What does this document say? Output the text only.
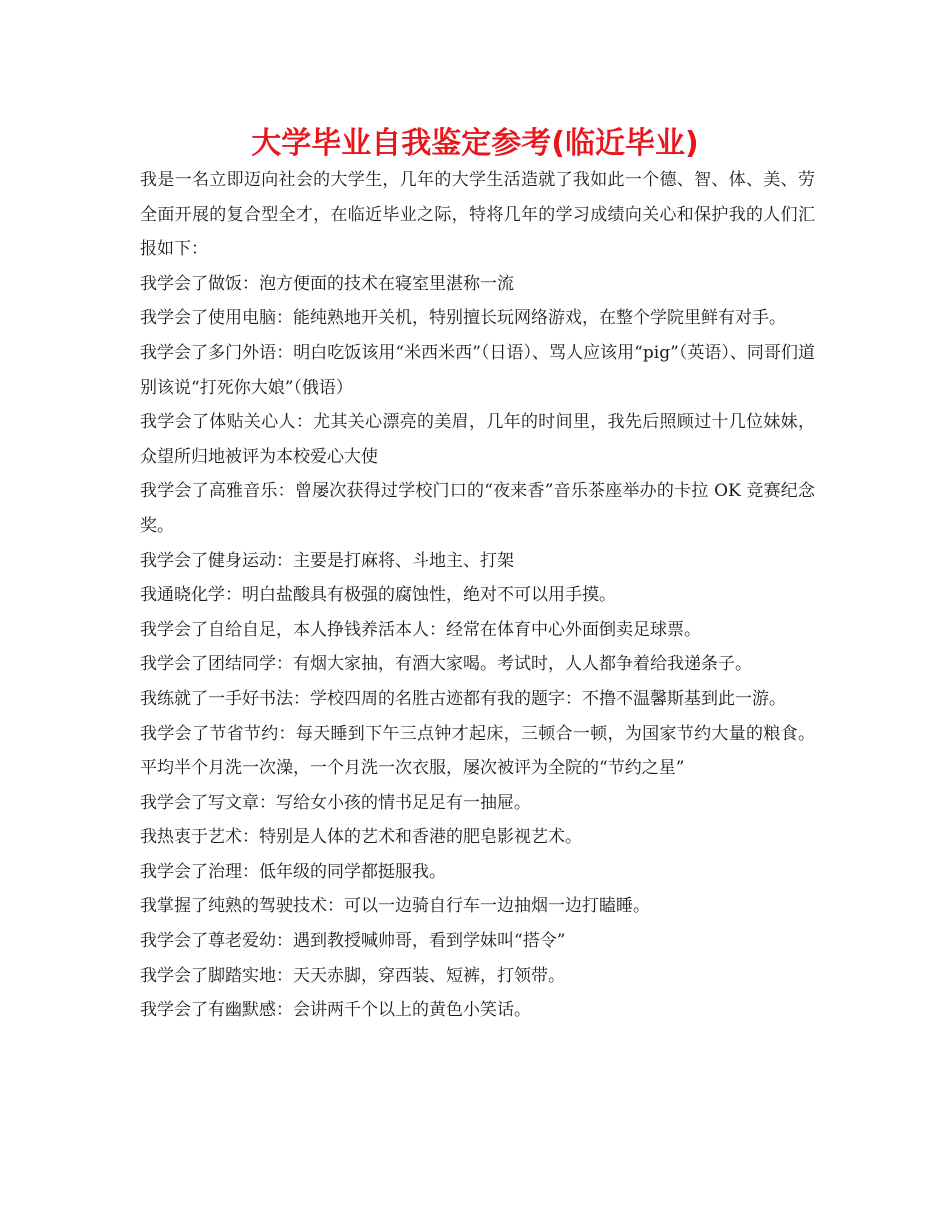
大学毕业自我鉴定参考(临近毕业)

我是一名立即迈向社会的大学生，几年的大学生活造就了我如此一个德、智、体、美、劳全面开展的复合型全才，在临近毕业之际，特将几年的学习成绩向关心和保护我的人们汇报如下：

我学会了做饭：泡方便面的技术在寝室里湛称一流

我学会了使用电脑：能纯熟地开关机，特别擅长玩网络游戏，在整个学院里鲜有对手。

我学会了多门外语：明白吃饭该用“米西米西”（日语）、骂人应该用“pig”（英语）、同哥们道别该说“打死你大娘”（俄语）

我学会了体贴关心人：尤其关心漂亮的美眉，几年的时间里，我先后照顾过十几位妹妹，众望所归地被评为本校爱心大使

我学会了高雅音乐：曾屡次获得过学校门口的“夜来香”音乐茶座举办的卡拉 OK 竞赛纪念奖。

我学会了健身运动：主要是打麻将、斗地主、打架

我通晓化学：明白盐酸具有极强的腐蚀性，绝对不可以用手摸。

我学会了自给自足，本人挣钱养活本人：经常在体育中心外面倒卖足球票。

我学会了团结同学：有烟大家抽，有酒大家喝。考试时，人人都争着给我递条子。

我练就了一手好书法：学校四周的名胜古迹都有我的题字：不撸不温馨斯基到此一游。

我学会了节省节约：每天睡到下午三点钟才起床，三顿合一顿，为国家节约大量的粮食。平均半个月洗一次澡，一个月洗一次衣服，屡次被评为全院的“节约之星”

我学会了写文章：写给女小孩的情书足足有一抽屉。

我热衷于艺术：特别是人体的艺术和香港的肥皂影视艺术。

我学会了治理：低年级的同学都挺服我。

我掌握了纯熟的驾驶技术：可以一边骑自行车一边抽烟一边打瞌睡。

我学会了尊老爱幼：遇到教授喊帅哥，看到学妹叫“搭令”

我学会了脚踏实地：天天赤脚，穿西装、短裤，打领带。

我学会了有幽默感：会讲两千个以上的黄色小笑话。
